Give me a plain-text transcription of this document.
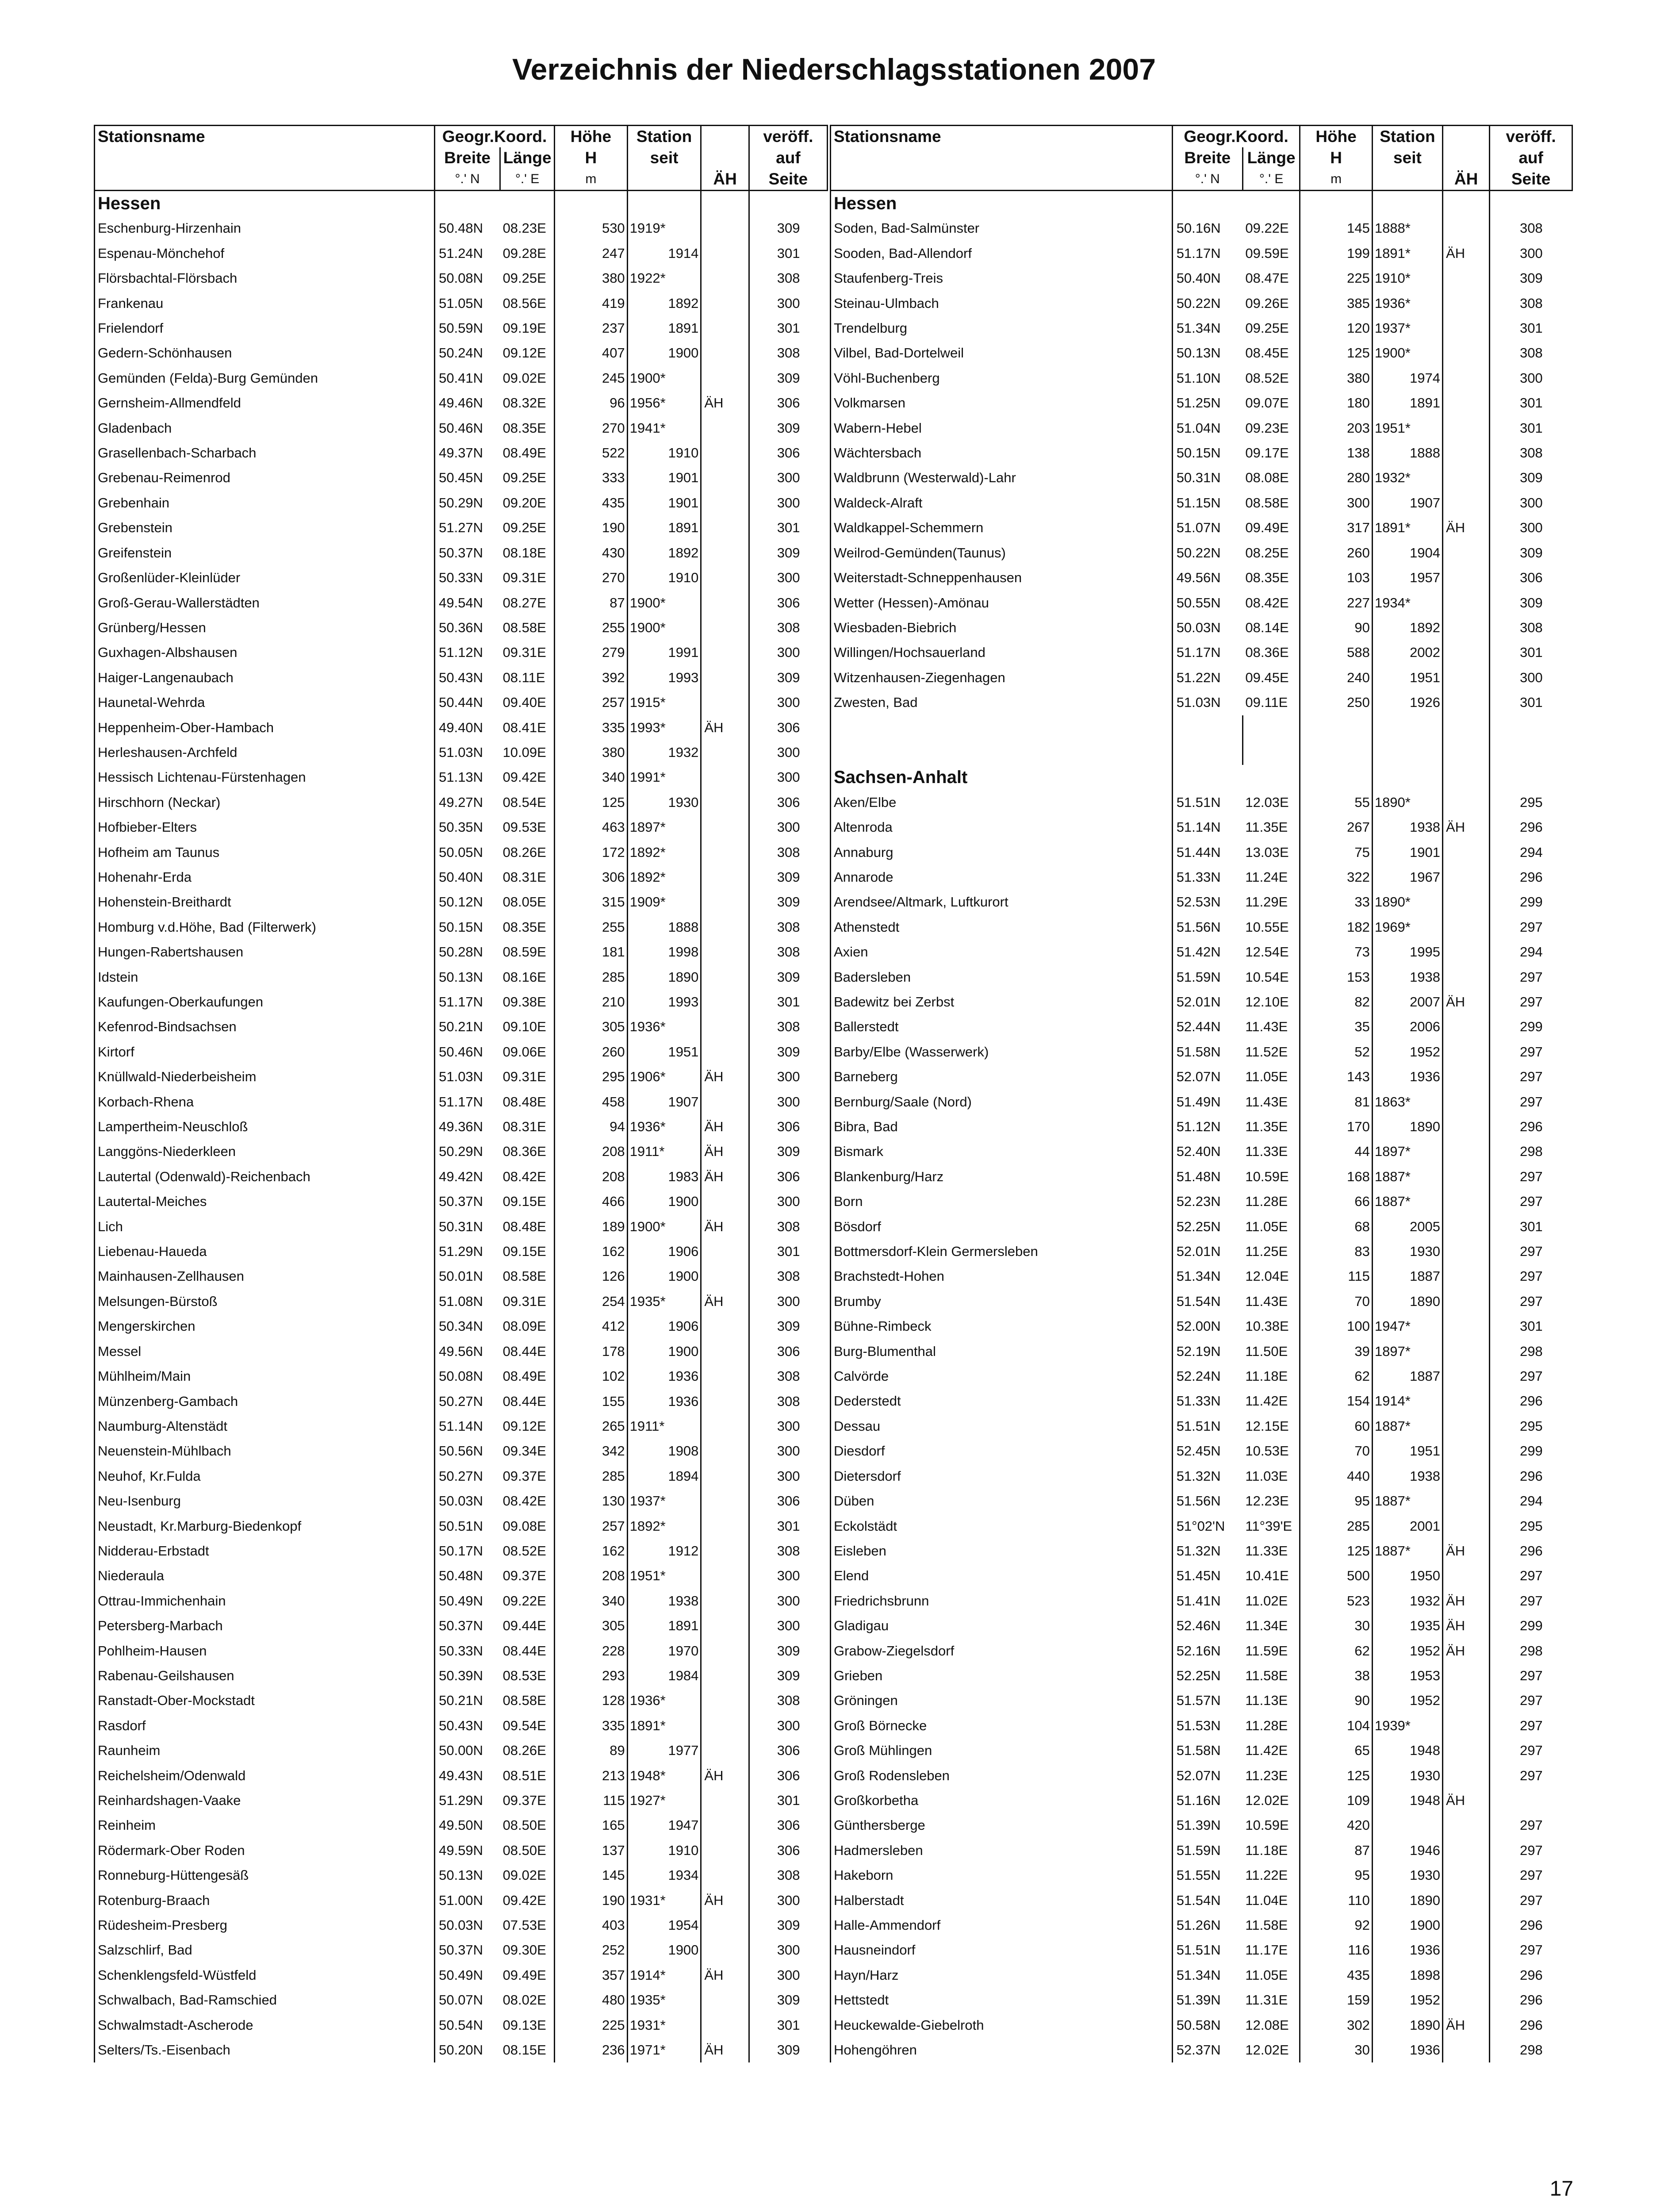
Verzeichnis der Niederschlagsstationen 2007
Stationsname	Geogr.Koord.		Höhe	Station		veröff.
	Breite	Länge	H	seit		auf
	°.' N	°.' E	m		ÄH	Seite
Hessen						
Eschenburg-Hirzenhain	50.48N	08.23E	530	1919*		309
Espenau-Mönchehof	51.24N	09.28E	247	1914		301
Flörsbachtal-Flörsbach	50.08N	09.25E	380	1922*		308
Frankenau	51.05N	08.56E	419	1892		300
Frielendorf	50.59N	09.19E	237	1891		301
Gedern-Schönhausen	50.24N	09.12E	407	1900		308
Gemünden (Felda)-Burg Gemünden	50.41N	09.02E	245	1900*		309
Gernsheim-Allmendfeld	49.46N	08.32E	96	1956*	ÄH	306
Gladenbach	50.46N	08.35E	270	1941*		309
Grasellenbach-Scharbach	49.37N	08.49E	522	1910		306
Grebenau-Reimenrod	50.45N	09.25E	333	1901		300
Grebenhain	50.29N	09.20E	435	1901		300
Grebenstein	51.27N	09.25E	190	1891		301
Greifenstein	50.37N	08.18E	430	1892		309
Großenlüder-Kleinlüder	50.33N	09.31E	270	1910		300
Groß-Gerau-Wallerstädten	49.54N	08.27E	87	1900*		306
Grünberg/Hessen	50.36N	08.58E	255	1900*		308
Guxhagen-Albshausen	51.12N	09.31E	279	1991		300
Haiger-Langenaubach	50.43N	08.11E	392	1993		309
Haunetal-Wehrda	50.44N	09.40E	257	1915*		300
Heppenheim-Ober-Hambach	49.40N	08.41E	335	1993*	ÄH	306
Herleshausen-Archfeld	51.03N	10.09E	380	1932		300
Hessisch Lichtenau-Fürstenhagen	51.13N	09.42E	340	1991*		300
Hirschhorn (Neckar)	49.27N	08.54E	125	1930		306
Hofbieber-Elters	50.35N	09.53E	463	1897*		300
Hofheim am Taunus	50.05N	08.26E	172	1892*		308
Hohenahr-Erda	50.40N	08.31E	306	1892*		309
Hohenstein-Breithardt	50.12N	08.05E	315	1909*		309
Homburg v.d.Höhe, Bad (Filterwerk)	50.15N	08.35E	255	1888		308
Hungen-Rabertshausen	50.28N	08.59E	181	1998		308
Idstein	50.13N	08.16E	285	1890		309
Kaufungen-Oberkaufungen	51.17N	09.38E	210	1993		301
Kefenrod-Bindsachsen	50.21N	09.10E	305	1936*		308
Kirtorf	50.46N	09.06E	260	1951		309
Knüllwald-Niederbeisheim	51.03N	09.31E	295	1906*	ÄH	300
Korbach-Rhena	51.17N	08.48E	458	1907		300
Lampertheim-Neuschloß	49.36N	08.31E	94	1936*	ÄH	306
Langgöns-Niederkleen	50.29N	08.36E	208	1911*	ÄH	309
Lautertal (Odenwald)-Reichenbach	49.42N	08.42E	208	1983	ÄH	306
Lautertal-Meiches	50.37N	09.15E	466	1900		300
Lich	50.31N	08.48E	189	1900*	ÄH	308
Liebenau-Haueda	51.29N	09.15E	162	1906		301
Mainhausen-Zellhausen	50.01N	08.58E	126	1900		308
Melsungen-Bürstoß	51.08N	09.31E	254	1935*	ÄH	300
Mengerskirchen	50.34N	08.09E	412	1906		309
Messel	49.56N	08.44E	178	1900		306
Mühlheim/Main	50.08N	08.49E	102	1936		308
Münzenberg-Gambach	50.27N	08.44E	155	1936		308
Naumburg-Altenstädt	51.14N	09.12E	265	1911*		300
Neuenstein-Mühlbach	50.56N	09.34E	342	1908		300
Neuhof, Kr.Fulda	50.27N	09.37E	285	1894		300
Neu-Isenburg	50.03N	08.42E	130	1937*		306
Neustadt, Kr.Marburg-Biedenkopf	50.51N	09.08E	257	1892*		301
Nidderau-Erbstadt	50.17N	08.52E	162	1912		308
Niederaula	50.48N	09.37E	208	1951*		300
Ottrau-Immichenhain	50.49N	09.22E	340	1938		300
Petersberg-Marbach	50.37N	09.44E	305	1891		300
Pohlheim-Hausen	50.33N	08.44E	228	1970		309
Rabenau-Geilshausen	50.39N	08.53E	293	1984		309
Ranstadt-Ober-Mockstadt	50.21N	08.58E	128	1936*		308
Rasdorf	50.43N	09.54E	335	1891*		300
Raunheim	50.00N	08.26E	89	1977		306
Reichelsheim/Odenwald	49.43N	08.51E	213	1948*	ÄH	306
Reinhardshagen-Vaake	51.29N	09.37E	115	1927*		301
Reinheim	49.50N	08.50E	165	1947		306
Rödermark-Ober Roden	49.59N	08.50E	137	1910		306
Ronneburg-Hüttengesäß	50.13N	09.02E	145	1934		308
Rotenburg-Braach	51.00N	09.42E	190	1931*	ÄH	300
Rüdesheim-Presberg	50.03N	07.53E	403	1954		309
Salzschlirf, Bad	50.37N	09.30E	252	1900		300
Schenklengsfeld-Wüstfeld	50.49N	09.49E	357	1914*	ÄH	300
Schwalbach, Bad-Ramschied	50.07N	08.02E	480	1935*		309
Schwalmstadt-Ascherode	50.54N	09.13E	225	1931*		301
Selters/Ts.-Eisenbach	50.20N	08.15E	236	1971*	ÄH	309
Stationsname	Geogr.Koord.		Höhe	Station		veröff.
	Breite	Länge	H	seit		auf
	°.' N	°.' E	m		ÄH	Seite
Hessen						
Soden, Bad-Salmünster	50.16N	09.22E	145	1888*		308
Sooden, Bad-Allendorf	51.17N	09.59E	199	1891*	ÄH	300
Staufenberg-Treis	50.40N	08.47E	225	1910*		309
Steinau-Ulmbach	50.22N	09.26E	385	1936*		308
Trendelburg	51.34N	09.25E	120	1937*		301
Vilbel, Bad-Dortelweil	50.13N	08.45E	125	1900*		308
Vöhl-Buchenberg	51.10N	08.52E	380	1974		300
Volkmarsen	51.25N	09.07E	180	1891		301
Wabern-Hebel	51.04N	09.23E	203	1951*		301
Wächtersbach	50.15N	09.17E	138	1888		308
Waldbrunn (Westerwald)-Lahr	50.31N	08.08E	280	1932*		309
Waldeck-Alraft	51.15N	08.58E	300	1907		300
Waldkappel-Schemmern	51.07N	09.49E	317	1891*	ÄH	300
Weilrod-Gemünden(Taunus)	50.22N	08.25E	260	1904		309
Weiterstadt-Schneppenhausen	49.56N	08.35E	103	1957		306
Wetter (Hessen)-Amönau	50.55N	08.42E	227	1934*		309
Wiesbaden-Biebrich	50.03N	08.14E	90	1892		308
Willingen/Hochsauerland	51.17N	08.36E	588	2002		301
Witzenhausen-Ziegenhagen	51.22N	09.45E	240	1951		300
Zwesten, Bad	51.03N	09.11E	250	1926		301

Sachsen-Anhalt						
Aken/Elbe	51.51N	12.03E	55	1890*		295
Altenroda	51.14N	11.35E	267	1938	ÄH	296
Annaburg	51.44N	13.03E	75	1901		294
Annarode	51.33N	11.24E	322	1967		296
Arendsee/Altmark, Luftkurort	52.53N	11.29E	33	1890*		299
Athenstedt	51.56N	10.55E	182	1969*		297
Axien	51.42N	12.54E	73	1995		294
Badersleben	51.59N	10.54E	153	1938		297
Badewitz bei Zerbst	52.01N	12.10E	82	2007	ÄH	297
Ballerstedt	52.44N	11.43E	35	2006		299
Barby/Elbe (Wasserwerk)	51.58N	11.52E	52	1952		297
Barneberg	52.07N	11.05E	143	1936		297
Bernburg/Saale (Nord)	51.49N	11.43E	81	1863*		297
Bibra, Bad	51.12N	11.35E	170	1890		296
Bismark	52.40N	11.33E	44	1897*		298
Blankenburg/Harz	51.48N	10.59E	168	1887*		297
Born	52.23N	11.28E	66	1887*		297
Bösdorf	52.25N	11.05E	68	2005		301
Bottmersdorf-Klein Germersleben	52.01N	11.25E	83	1930		297
Brachstedt-Hohen	51.34N	12.04E	115	1887		297
Brumby	51.54N	11.43E	70	1890		297
Bühne-Rimbeck	52.00N	10.38E	100	1947*		301
Burg-Blumenthal	52.19N	11.50E	39	1897*		298
Calvörde	52.24N	11.18E	62	1887		297
Dederstedt	51.33N	11.42E	154	1914*		296
Dessau	51.51N	12.15E	60	1887*		295
Diesdorf	52.45N	10.53E	70	1951		299
Dietersdorf	51.32N	11.03E	440	1938		296
Düben	51.56N	12.23E	95	1887*		294
Eckolstädt	51°02'N	11°39'E	285	2001		295
Eisleben	51.32N	11.33E	125	1887*	ÄH	296
Elend	51.45N	10.41E	500	1950		297
Friedrichsbrunn	51.41N	11.02E	523	1932	ÄH	297
Gladigau	52.46N	11.34E	30	1935	ÄH	299
Grabow-Ziegelsdorf	52.16N	11.59E	62	1952	ÄH	298
Grieben	52.25N	11.58E	38	1953		297
Gröningen	51.57N	11.13E	90	1952		297
Groß Börnecke	51.53N	11.28E	104	1939*		297
Groß Mühlingen	51.58N	11.42E	65	1948		297
Groß Rodensleben	52.07N	11.23E	125	1930		297
Großkorbetha	51.16N	12.02E	109	1948	ÄH	
Günthersberge	51.39N	10.59E	420			297
Hadmersleben	51.59N	11.18E	87	1946		297
Hakeborn	51.55N	11.22E	95	1930		297
Halberstadt	51.54N	11.04E	110	1890		297
Halle-Ammendorf	51.26N	11.58E	92	1900		296
Hausneindorf	51.51N	11.17E	116	1936		297
Hayn/Harz	51.34N	11.05E	435	1898		296
Hettstedt	51.39N	11.31E	159	1952		296
Heuckewalde-Giebelroth	50.58N	12.08E	302	1890	ÄH	296
Hohengöhren	52.37N	12.02E	30	1936		298
17
